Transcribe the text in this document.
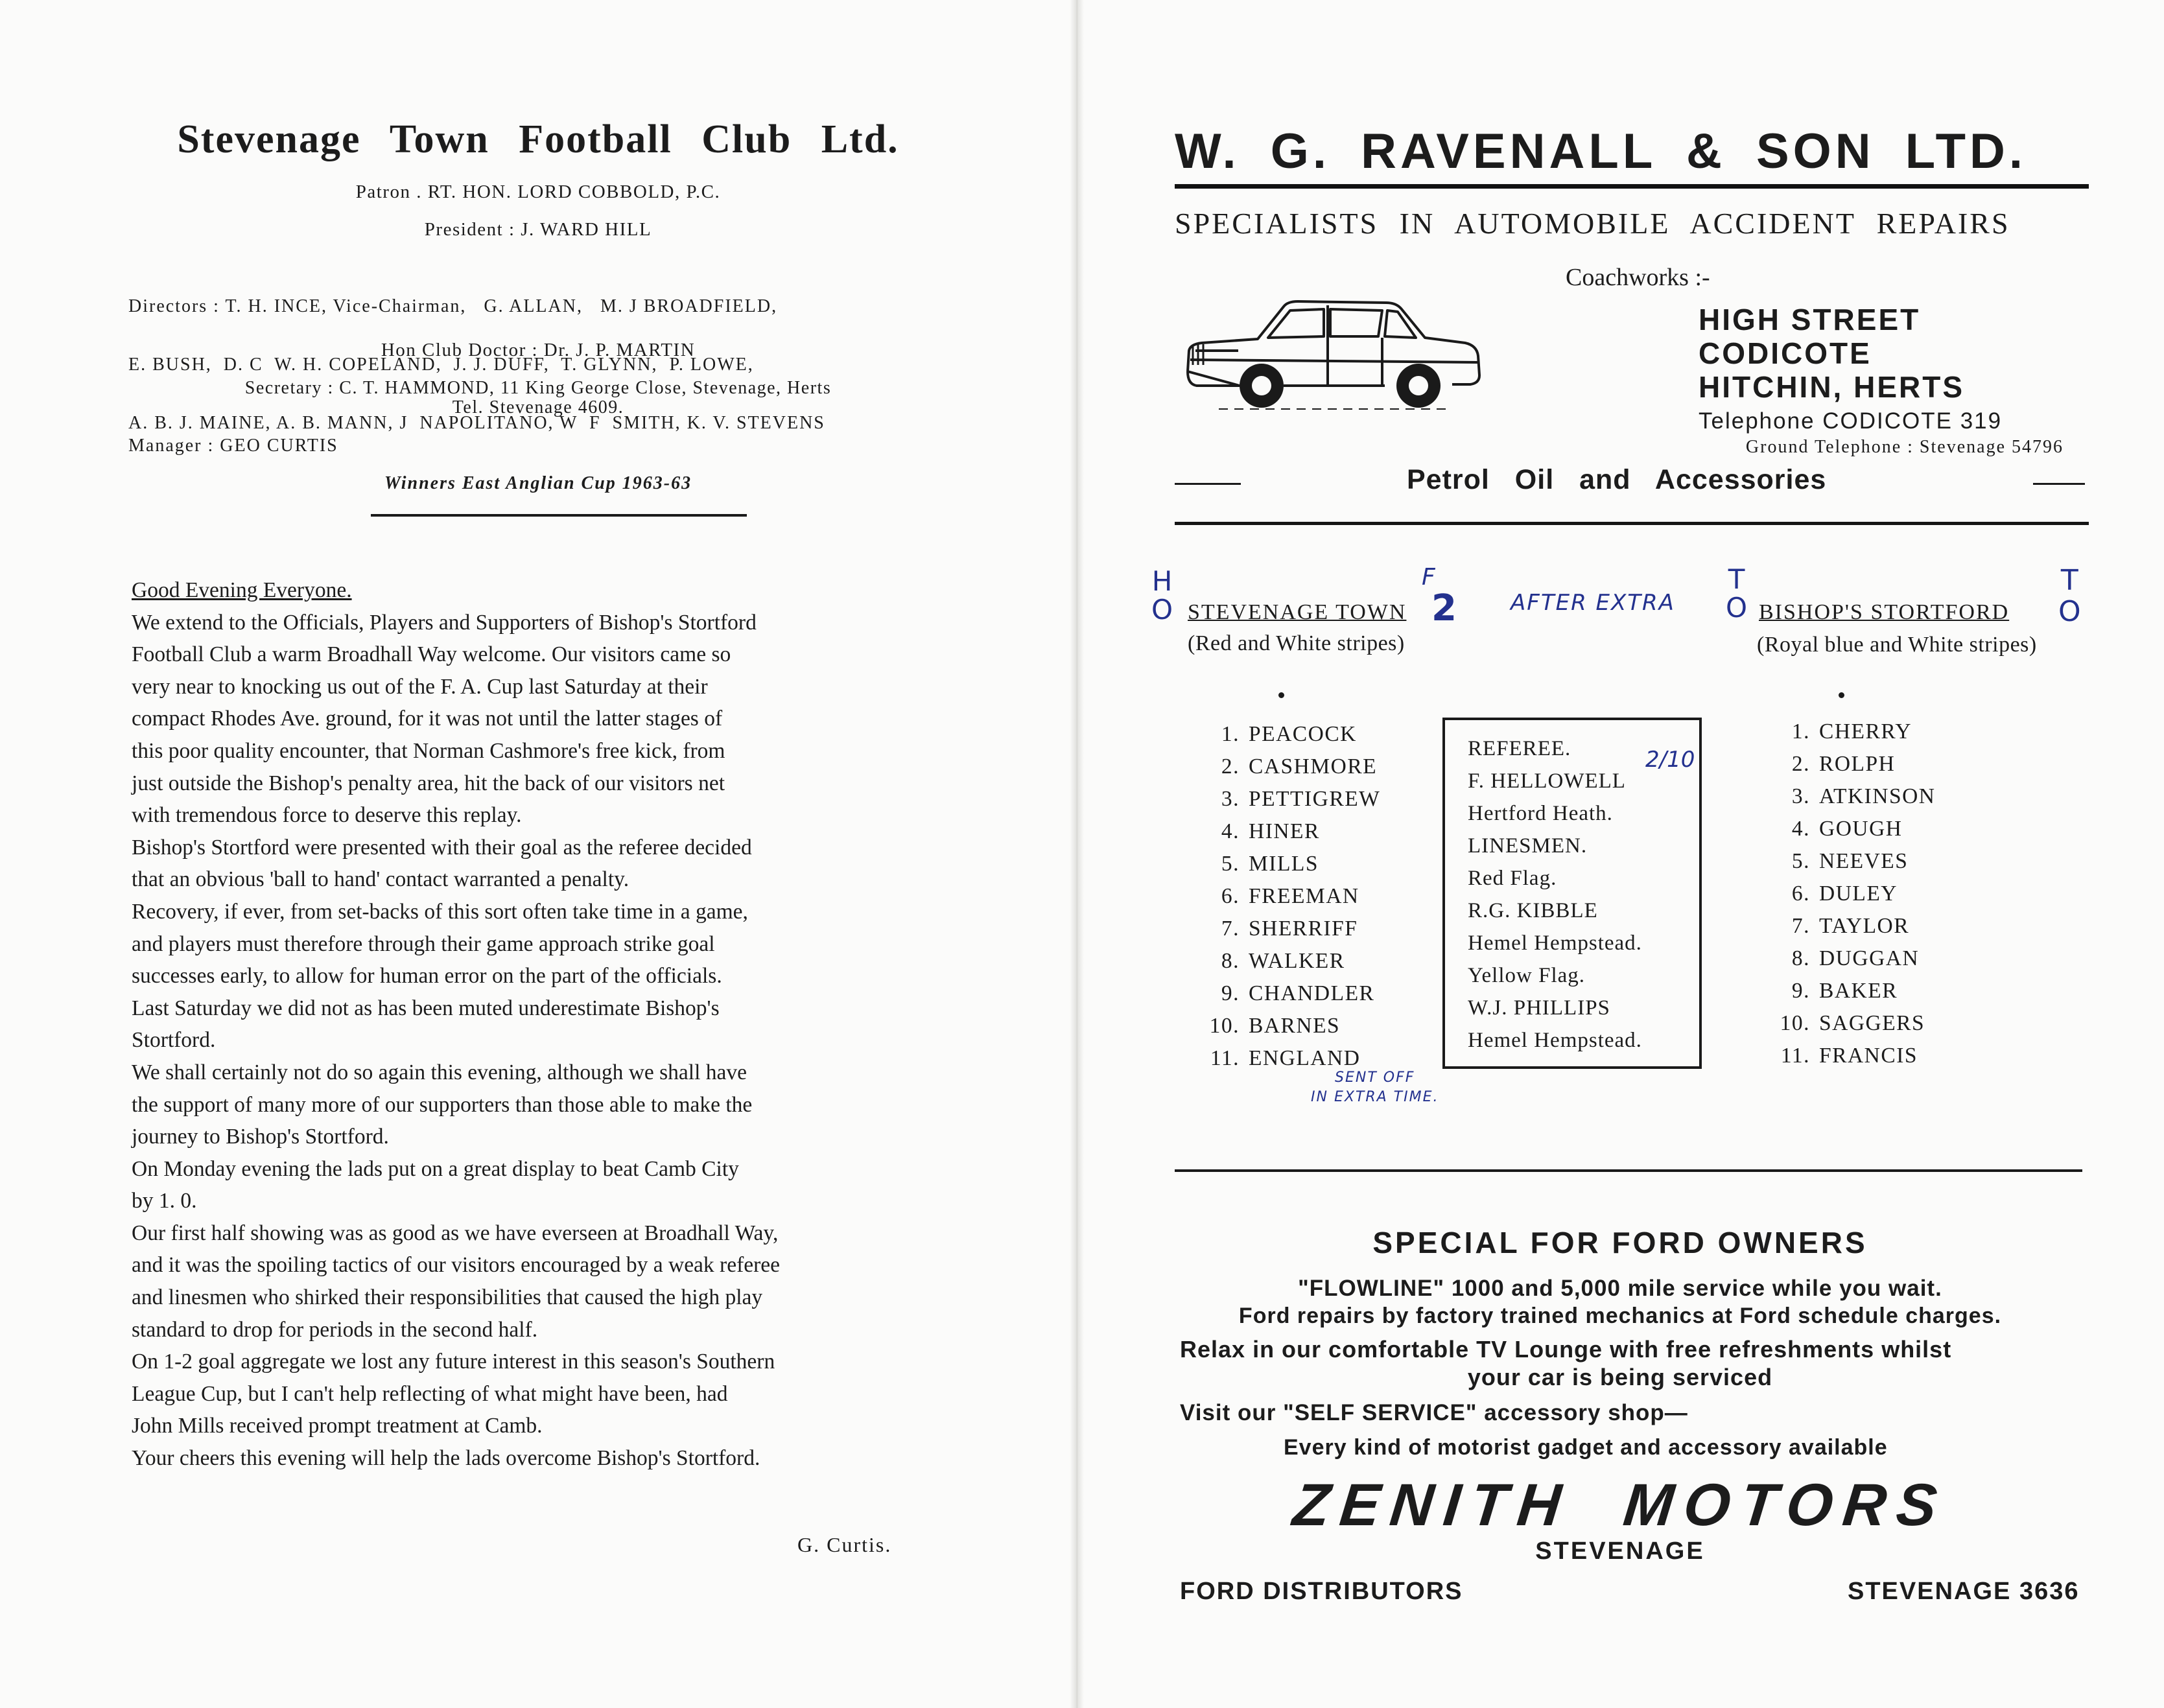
Stevenage Town Football Club Ltd.
Patron . RT. HON. LORD COBBOLD, P.C.
President : J. WARD HILL

Directors : T. H. INCE, Vice-Chairman,   G. ALLAN,   M. J BROADFIELD,

E. BUSH,  D. C  W. H. COPELAND,  J. J. DUFF,  T. GLYNN,  P. LOWE,

A. B. J. MAINE, A. B. MANN, J  NAPOLITANO, W  F  SMITH, K. V. STEVENS

Hon Club Doctor : Dr. J. P. MARTIN
Secretary : C. T. HAMMOND, 11 King George Close, Stevenage, Herts
Tel. Stevenage 4609.
Manager : GEO CURTIS	Ground Telephone : Stevenage 54796
Winners East Anglian Cup 1963-63
Good Evening Everyone.
We extend to the Officials, Players and Supporters of Bishop's Stortford
Football Club a warm Broadhall Way welcome. Our visitors came so
very near to knocking us out of the F. A. Cup last Saturday at their
compact Rhodes Ave. ground, for it was not until the latter stages of
this poor quality encounter, that Norman Cashmore's free kick, from
just outside the Bishop's penalty area, hit the back of our visitors net
with tremendous force to deserve this replay.
Bishop's Stortford were presented with their goal as the referee decided
that an obvious 'ball to hand' contact warranted a penalty.
Recovery, if ever, from set-backs of this sort often take time in a game,
and players must therefore through their game approach strike goal
successes early, to allow for human error on the part of the officials.
Last Saturday we did not as has been muted underestimate Bishop's
Stortford.
We shall certainly not do so again this evening, although we shall have
the support of many more of our supporters than those able to make the
journey to Bishop's Stortford.
On Monday evening the lads put on a great display to beat Camb City
by 1. 0.
Our first half showing was as good as we have everseen at Broadhall Way,
and it was the spoiling tactics of our visitors encouraged by a weak referee
and linesmen who shirked their responsibilities that caused the high play
standard to drop for periods in the second half.
On 1-2 goal aggregate we lost any future interest in this season's Southern
League Cup, but I can't help reflecting of what might have been, had
John Mills received prompt treatment at Camb.
Your cheers this evening will help the lads overcome Bishop's Stortford.
G. Curtis.
W. G. RAVENALL & SON LTD.
SPECIALISTS IN AUTOMOBILE ACCIDENT REPAIRS
Coachworks :-
HIGH STREET
CODICOTE
HITCHIN, HERTS
Telephone CODICOTE 319
Petrol Oil and Accessories
STEVENAGE TOWN
(Red and White stripes)
BISHOP'S STORTFORD
(Royal blue and White stripes)
1. PEACOCK
2. CASHMORE
3. PETTIGREW
4. HINER
5. MILLS
6. FREEMAN
7. SHERRIFF
8. WALKER
9. CHANDLER
10. BARNES
11. ENGLAND
REFEREE.
F. HELLOWELL
Hertford Heath.
LINESMEN.
Red Flag.
R.G. KIBBLE
Hemel Hempstead.
Yellow Flag.
W.J. PHILLIPS
Hemel Hempstead.
1. CHERRY
2. ROLPH
3. ATKINSON
4. GOUGH
5. NEEVES
6. DULEY
7. TAYLOR
8. DUGGAN
9. BAKER
10. SAGGERS
11. FRANCIS
H
O
F
2 AFTER EXTRA
T
O
T
O
2/10
SENT OFF
IN EXTRA TIME.
SPECIAL FOR FORD OWNERS
"FLOWLINE" 1000 and 5,000 mile service while you wait.
Ford repairs by factory trained mechanics at Ford schedule charges.
Relax in our comfortable TV Lounge with free refreshments whilst
your car is being serviced
Visit our "SELF SERVICE" accessory shop—
Every kind of motorist gadget and accessory available
ZENITH MOTORS
STEVENAGE
FORD DISTRIBUTORS	STEVENAGE 3636
